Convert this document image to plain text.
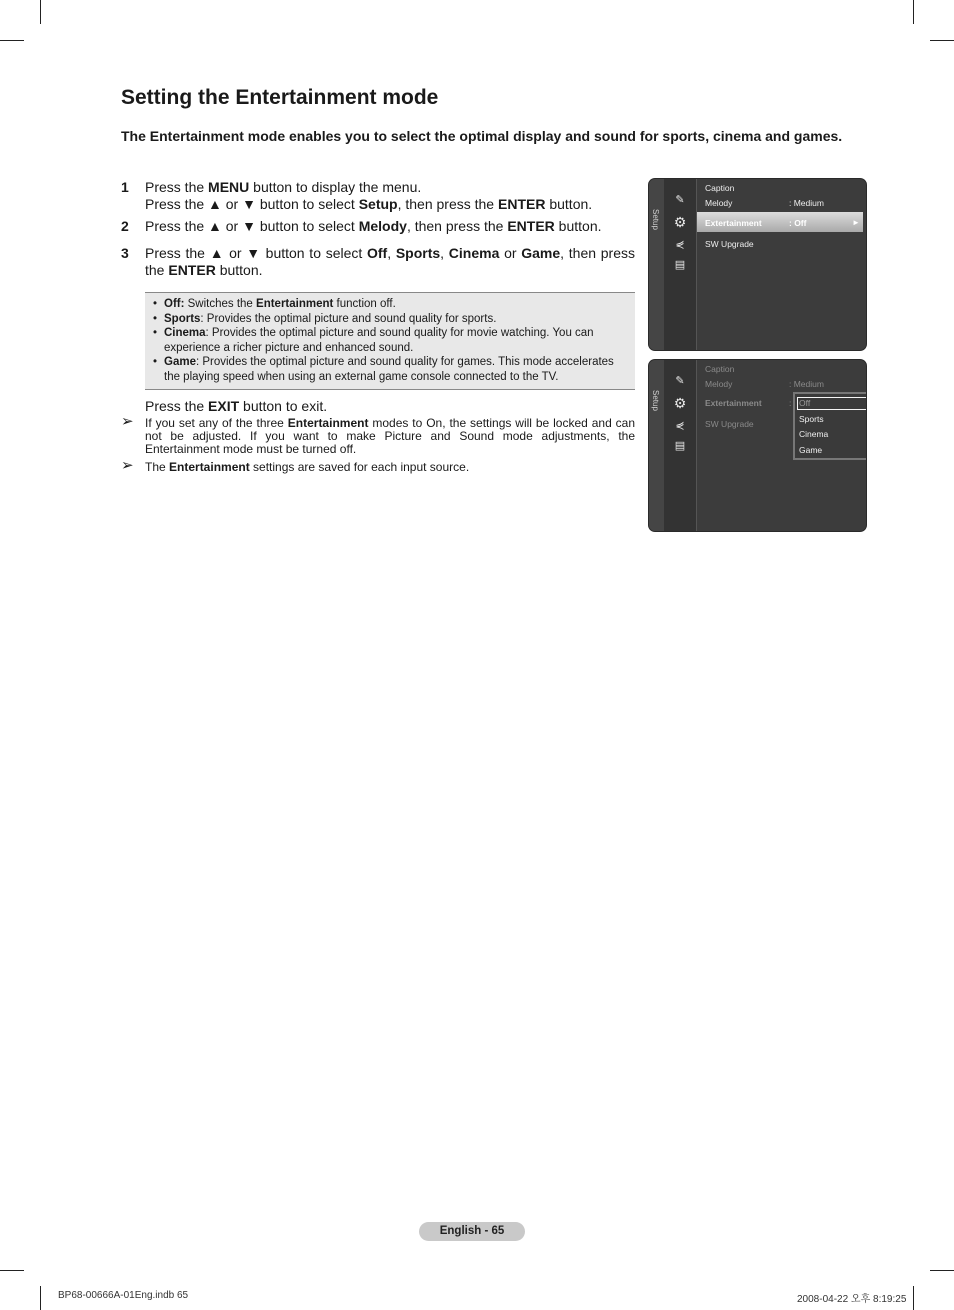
Setting the Entertainment mode
The Entertainment mode enables you to select the optimal display and sound for sports, cinema and games.
1 Press the MENU button to display the menu.
Press the ▲ or ▼ button to select Setup, then press the ENTER button.
2 Press the ▲ or ▼ button to select Melody, then press the ENTER button.
3 Press the ▲ or ▼ button to select Off, Sports, Cinema or Game, then press the ENTER button.
• Off: Switches the Entertainment function off.
• Sports: Provides the optimal picture and sound quality for sports.
• Cinema: Provides the optimal picture and sound quality for movie watching. You can experience a richer picture and enhanced sound.
• Game: Provides the optimal picture and sound quality for games. This mode accelerates the playing speed when using an external game console connected to the TV.
Press the EXIT button to exit.
➢ If you set any of the three Entertainment modes to On, the settings will be locked and can not be adjusted. If you want to make Picture and Sound mode adjustments, the Entertainment mode must be turned off.
➢ The Entertainment settings are saved for each input source.
Setup
✎
⚙
⋞
▤
Caption
Melody	: Medium
Extertainment	: Off	►
SW Upgrade
Setup
✎
⚙
⋞
▤
Caption
Melody	: Medium
Extertainment	:
SW Upgrade
Off
Sports
Cinema
Game
English - 65
BP68-00666A-01Eng.indb 65	2008-04-22 오후 8:19:25
